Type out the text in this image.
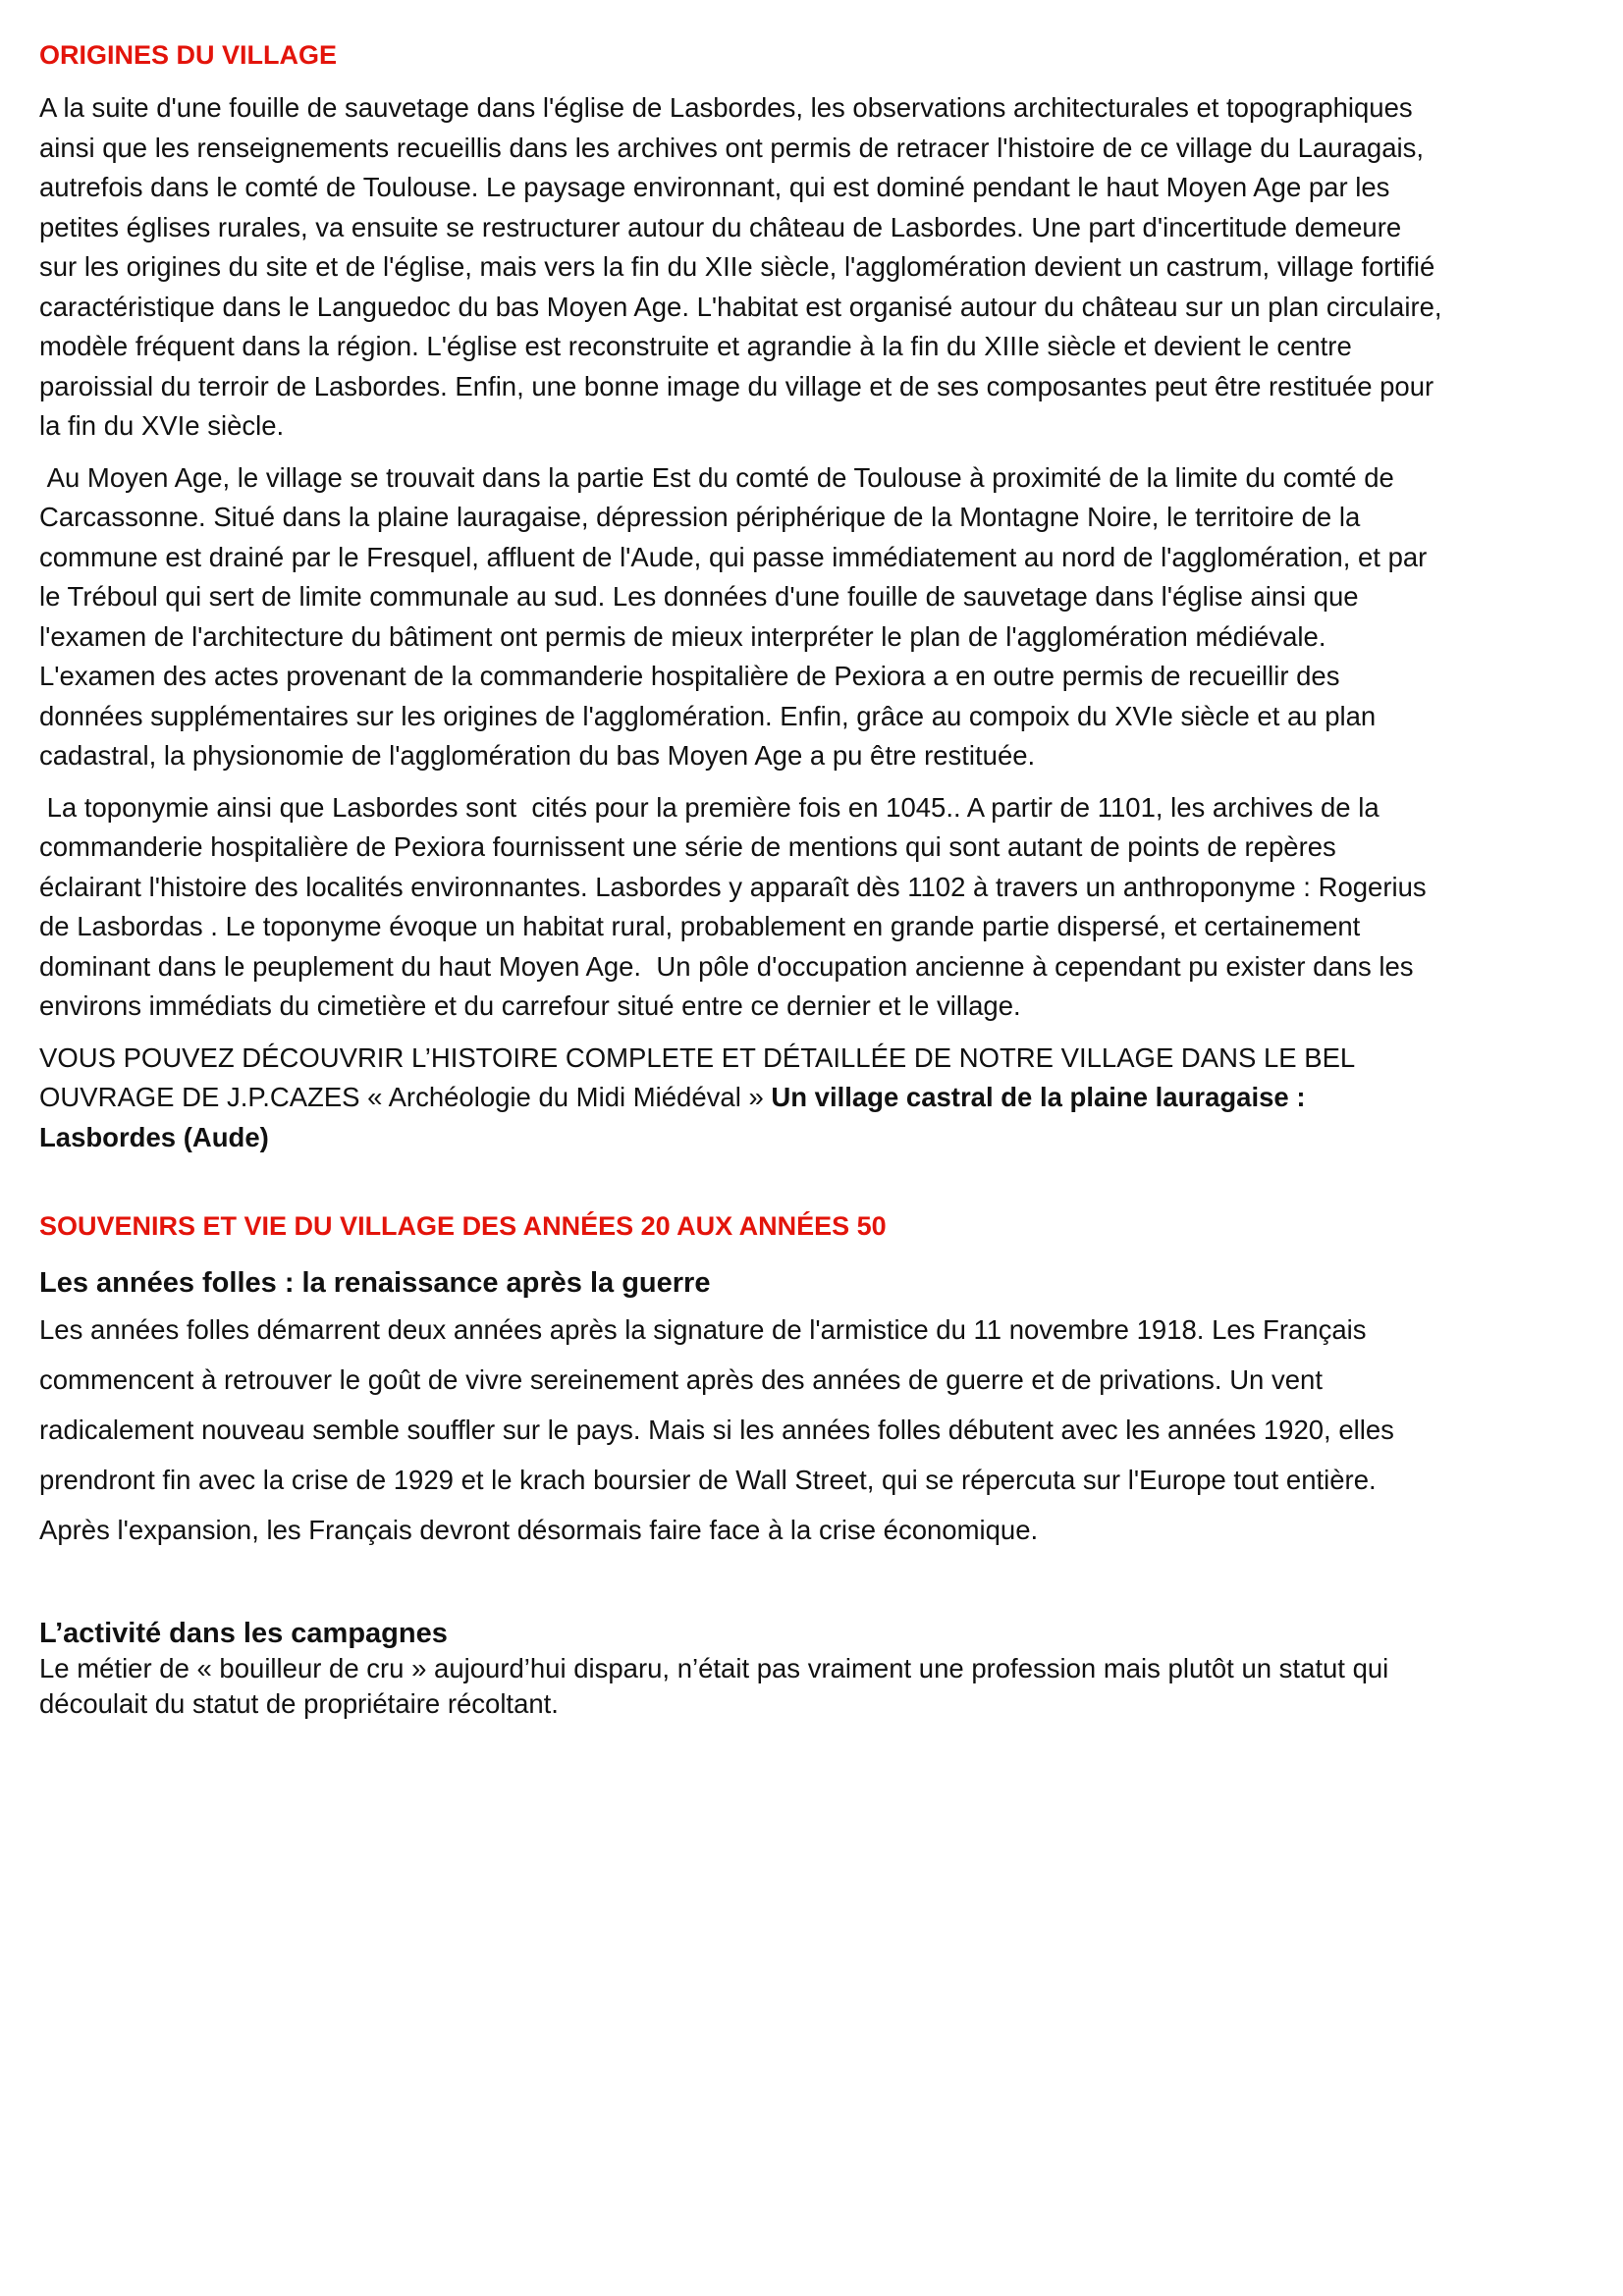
ORIGINES DU VILLAGE

A la suite d'une fouille de sauvetage dans l'église de Lasbordes, les observations architecturales et topographiques ainsi que les renseignements recueillis dans les archives ont permis de retracer l'histoire de ce village du Lauragais, autrefois dans le comté de Toulouse. Le paysage environnant, qui est dominé pendant le haut Moyen Age par les petites églises rurales, va ensuite se restructurer autour du château de Lasbordes. Une part d'incertitude demeure sur les origines du site et de l'église, mais vers la fin du XIIe siècle, l'agglomération devient un castrum, village fortifié caractéristique dans le Languedoc du bas Moyen Age. L'habitat est organisé autour du château sur un plan circulaire, modèle fréquent dans la région. L'église est reconstruite et agrandie à la fin du XIIIe siècle et devient le centre paroissial du terroir de Lasbordes. Enfin, une bonne image du village et de ses composantes peut être restituée pour la fin du XVIe siècle.

Au Moyen Age, le village se trouvait dans la partie Est du comté de Toulouse à proximité de la limite du comté de Carcassonne. Situé dans la plaine lauragaise, dépression périphérique de la Montagne Noire, le territoire de la commune est drainé par le Fresquel, affluent de l'Aude, qui passe immédiatement au nord de l'agglomération, et par le Tréboul qui sert de limite communale au sud. Les données d'une fouille de sauvetage dans l'église ainsi que l'examen de l'architecture du bâtiment ont permis de mieux interpréter le plan de l'agglomération médiévale. L'examen des actes provenant de la commanderie hospitalière de Pexiora a en outre permis de recueillir des données supplémentaires sur les origines de l'agglomération. Enfin, grâce au compoix du XVIe siècle et au plan cadastral, la physionomie de l'agglomération du bas Moyen Age a pu être restituée.

La toponymie ainsi que Lasbordes sont  cités pour la première fois en 1045.. A partir de 1101, les archives de la commanderie hospitalière de Pexiora fournissent une série de mentions qui sont autant de points de repères éclairant l'histoire des localités environnantes. Lasbordes y apparaît dès 1102 à travers un anthroponyme : Rogerius de Lasbordas . Le toponyme évoque un habitat rural, probablement en grande partie dispersé, et certainement dominant dans le peuplement du haut Moyen Age.  Un pôle d'occupation ancienne à cependant pu exister dans les environs immédiats du cimetière et du carrefour situé entre ce dernier et le village.

VOUS POUVEZ DÉCOUVRIR L’HISTOIRE COMPLETE ET DÉTAILLÉE DE NOTRE VILLAGE DANS LE BEL OUVRAGE DE J.P.CAZES « Archéologie du Midi Miédéval » Un village castral de la plaine lauragaise : Lasbordes (Aude)

SOUVENIRS ET VIE DU VILLAGE DES ANNÉES 20 AUX ANNÉES 50
Les années folles : la renaissance après la guerre

Les années folles démarrent deux années après la signature de l'armistice du 11 novembre 1918. Les Français commencent à retrouver le goût de vivre sereinement après des années de guerre et de privations. Un vent radicalement nouveau semble souffler sur le pays. Mais si les années folles débutent avec les années 1920, elles prendront fin avec la crise de 1929 et le krach boursier de Wall Street, qui se répercuta sur l'Europe tout entière. Après l'expansion, les Français devront désormais faire face à la crise économique.

L’activité dans les campagnes

Le métier de « bouilleur de cru » aujourd’hui disparu, n’était pas vraiment une profession mais plutôt un statut qui découlait du statut de propriétaire récoltant.
